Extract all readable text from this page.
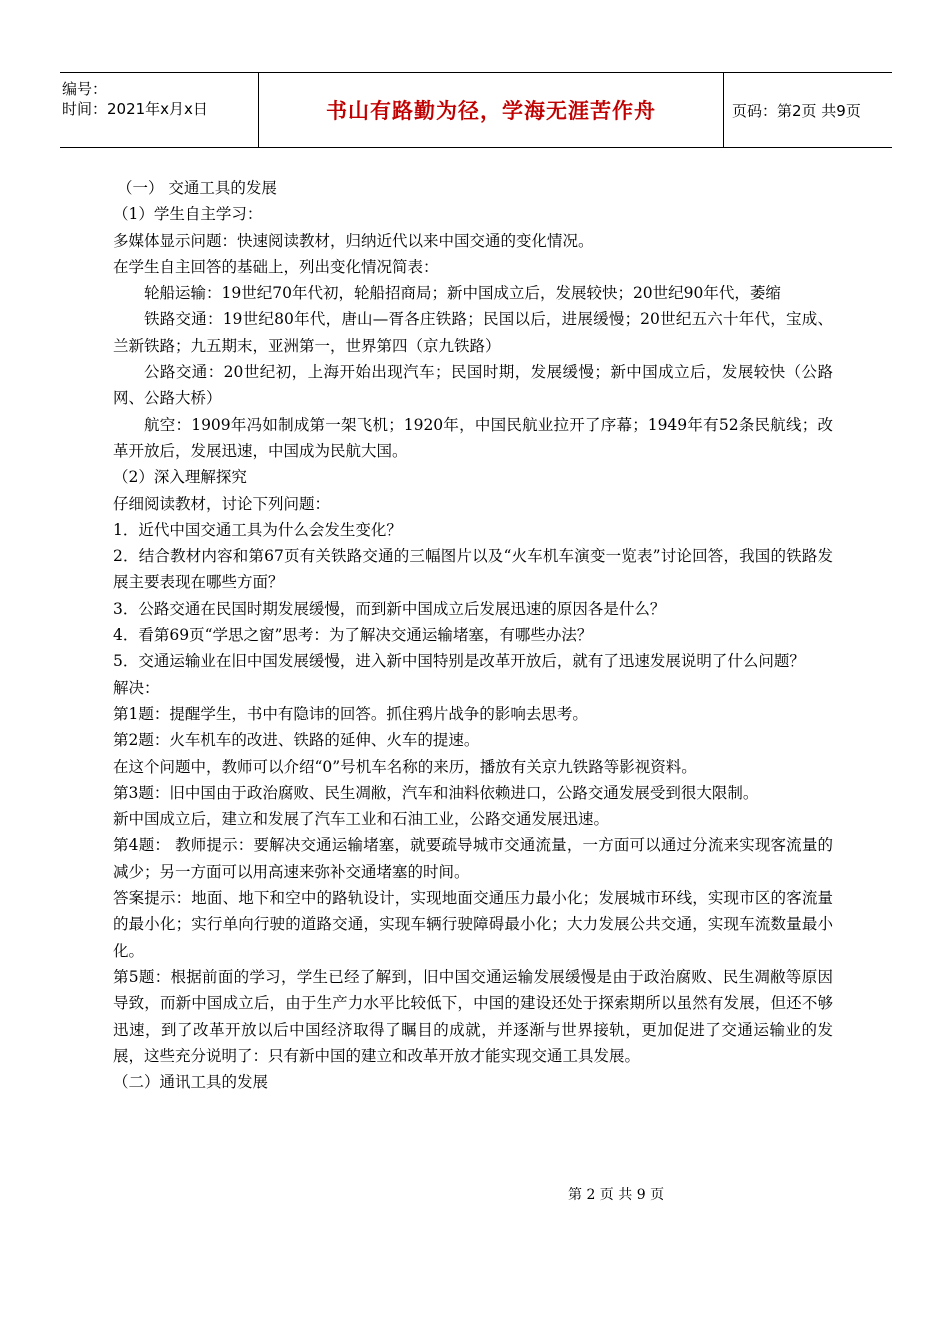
编号：
时间：2021年x月x日	书山有路勤为径，学海无涯苦作舟	页码：第2页 共9页

（一） 交通工具的发展

（1）学生自主学习：

多媒体显示问题：快速阅读教材，归纳近代以来中国交通的变化情况。

在学生自主回答的基础上，列出变化情况简表：

轮船运输：19世纪70年代初，轮船招商局；新中国成立后，发展较快；20世纪90年代，萎缩

铁路交通：19世纪80年代，唐山—胥各庄铁路；民国以后，进展缓慢；20世纪五六十年代，宝成、兰新铁路；九五期末，亚洲第一，世界第四（京九铁路）

公路交通：20世纪初，上海开始出现汽车；民国时期，发展缓慢；新中国成立后，发展较快（公路网、公路大桥）

航空：1909年冯如制成第一架飞机；1920年，中国民航业拉开了序幕；1949年有52条民航线；改革开放后，发展迅速，中国成为民航大国。

（2）深入理解探究

仔细阅读教材，讨论下列问题：

1．近代中国交通工具为什么会发生变化？

2．结合教材内容和第67页有关铁路交通的三幅图片以及“火车机车演变一览表”讨论回答，我国的铁路发展主要表现在哪些方面？

3．公路交通在民国时期发展缓慢，而到新中国成立后发展迅速的原因各是什么？

4．看第69页“学思之窗”思考：为了解决交通运输堵塞，有哪些办法？

5．交通运输业在旧中国发展缓慢，进入新中国特别是改革开放后，就有了迅速发展说明了什么问题？

解决：

第1题：提醒学生，书中有隐讳的回答。抓住鸦片战争的影响去思考。

第2题：火车机车的改进、铁路的延伸、火车的提速。

在这个问题中，教师可以介绍“0”号机车名称的来历，播放有关京九铁路等影视资料。

第3题：旧中国由于政治腐败、民生凋敝，汽车和油料依赖进口，公路交通发展受到很大限制。

新中国成立后，建立和发展了汽车工业和石油工业，公路交通发展迅速。

第4题： 教师提示：要解决交通运输堵塞，就要疏导城市交通流量，一方面可以通过分流来实现客流量的减少；另一方面可以用高速来弥补交通堵塞的时间。

答案提示：地面、地下和空中的路轨设计，实现地面交通压力最小化；发展城市环线，实现市区的客流量的最小化；实行单向行驶的道路交通，实现车辆行驶障碍最小化；大力发展公共交通，实现车流数量最小化。

第5题：根据前面的学习，学生已经了解到，旧中国交通运输发展缓慢是由于政治腐败、民生凋敝等原因导致，而新中国成立后，由于生产力水平比较低下，中国的建设还处于探索期所以虽然有发展，但还不够迅速，到了改革开放以后中国经济取得了瞩目的成就，并逐渐与世界接轨，更加促进了交通运输业的发展，这些充分说明了：只有新中国的建立和改革开放才能实现交通工具发展。

（二）通讯工具的发展

第 2 页 共 9 页
